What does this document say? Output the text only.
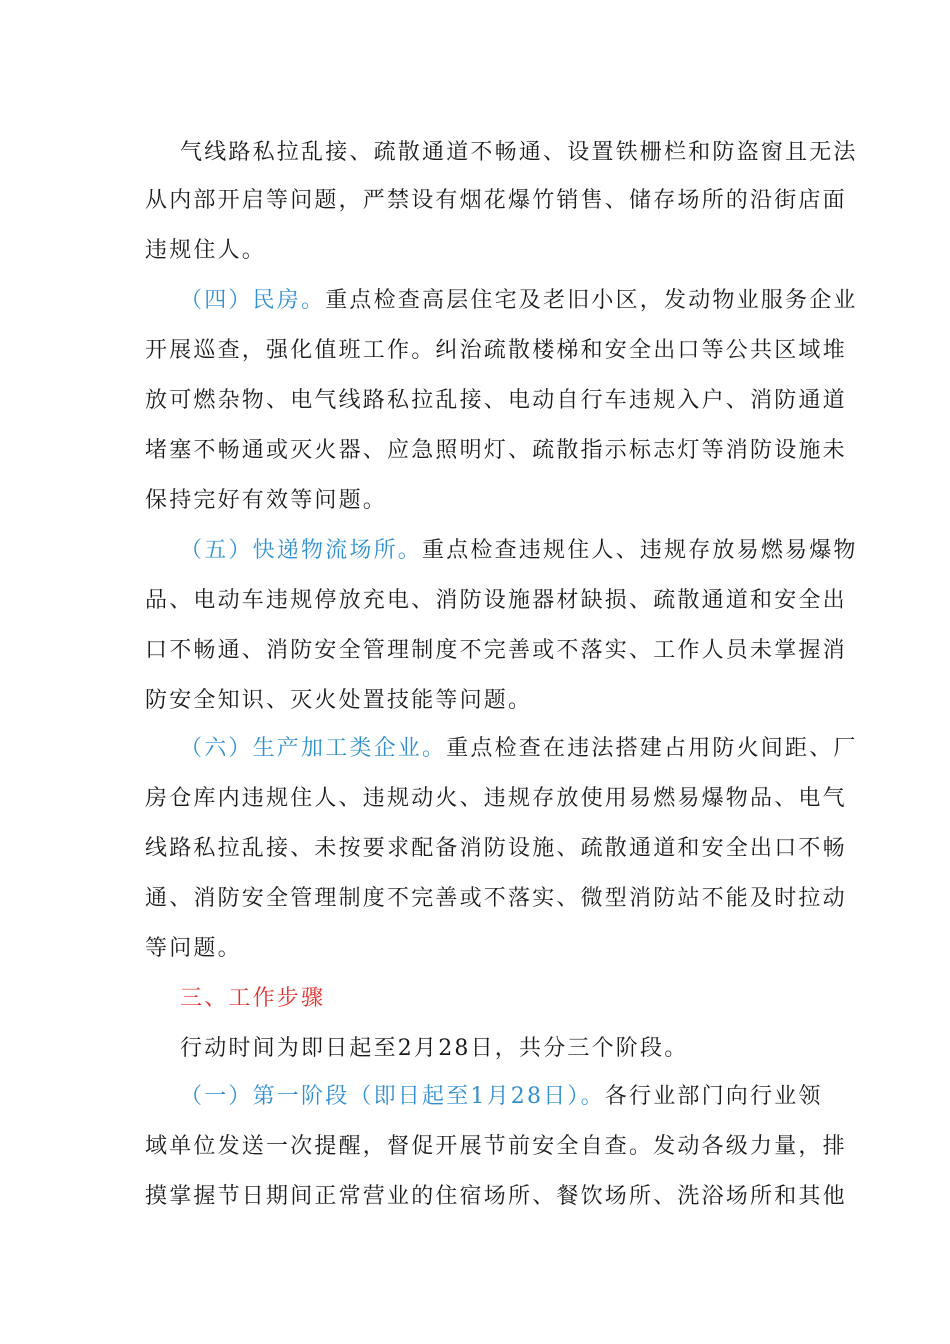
气线路私拉乱接、疏散通道不畅通、设置铁栅栏和防盗窗且无法
从内部开启等问题，严禁设有烟花爆竹销售、储存场所的沿街店面
违规住人。
（四）民房。重点检查高层住宅及老旧小区，发动物业服务企业
开展巡查，强化值班工作。纠治疏散楼梯和安全出口等公共区域堆
放可燃杂物、电气线路私拉乱接、电动自行车违规入户、消防通道
堵塞不畅通或灭火器、应急照明灯、疏散指示标志灯等消防设施未
保持完好有效等问题。
（五）快递物流场所。重点检查违规住人、违规存放易燃易爆物
品、电动车违规停放充电、消防设施器材缺损、疏散通道和安全出
口不畅通、消防安全管理制度不完善或不落实、工作人员未掌握消
防安全知识、灭火处置技能等问题。
（六）生产加工类企业。重点检查在违法搭建占用防火间距、厂
房仓库内违规住人、违规动火、违规存放使用易燃易爆物品、电气
线路私拉乱接、未按要求配备消防设施、疏散通道和安全出口不畅
通、消防安全管理制度不完善或不落实、微型消防站不能及时拉动
等问题。
三、工作步骤
行动时间为即日起至2月28日，共分三个阶段。
（一）第一阶段（即日起至1月28日）。各行业部门向行业领
域单位发送一次提醒，督促开展节前安全自查。发动各级力量，排
摸掌握节日期间正常营业的住宿场所、餐饮场所、洗浴场所和其他
